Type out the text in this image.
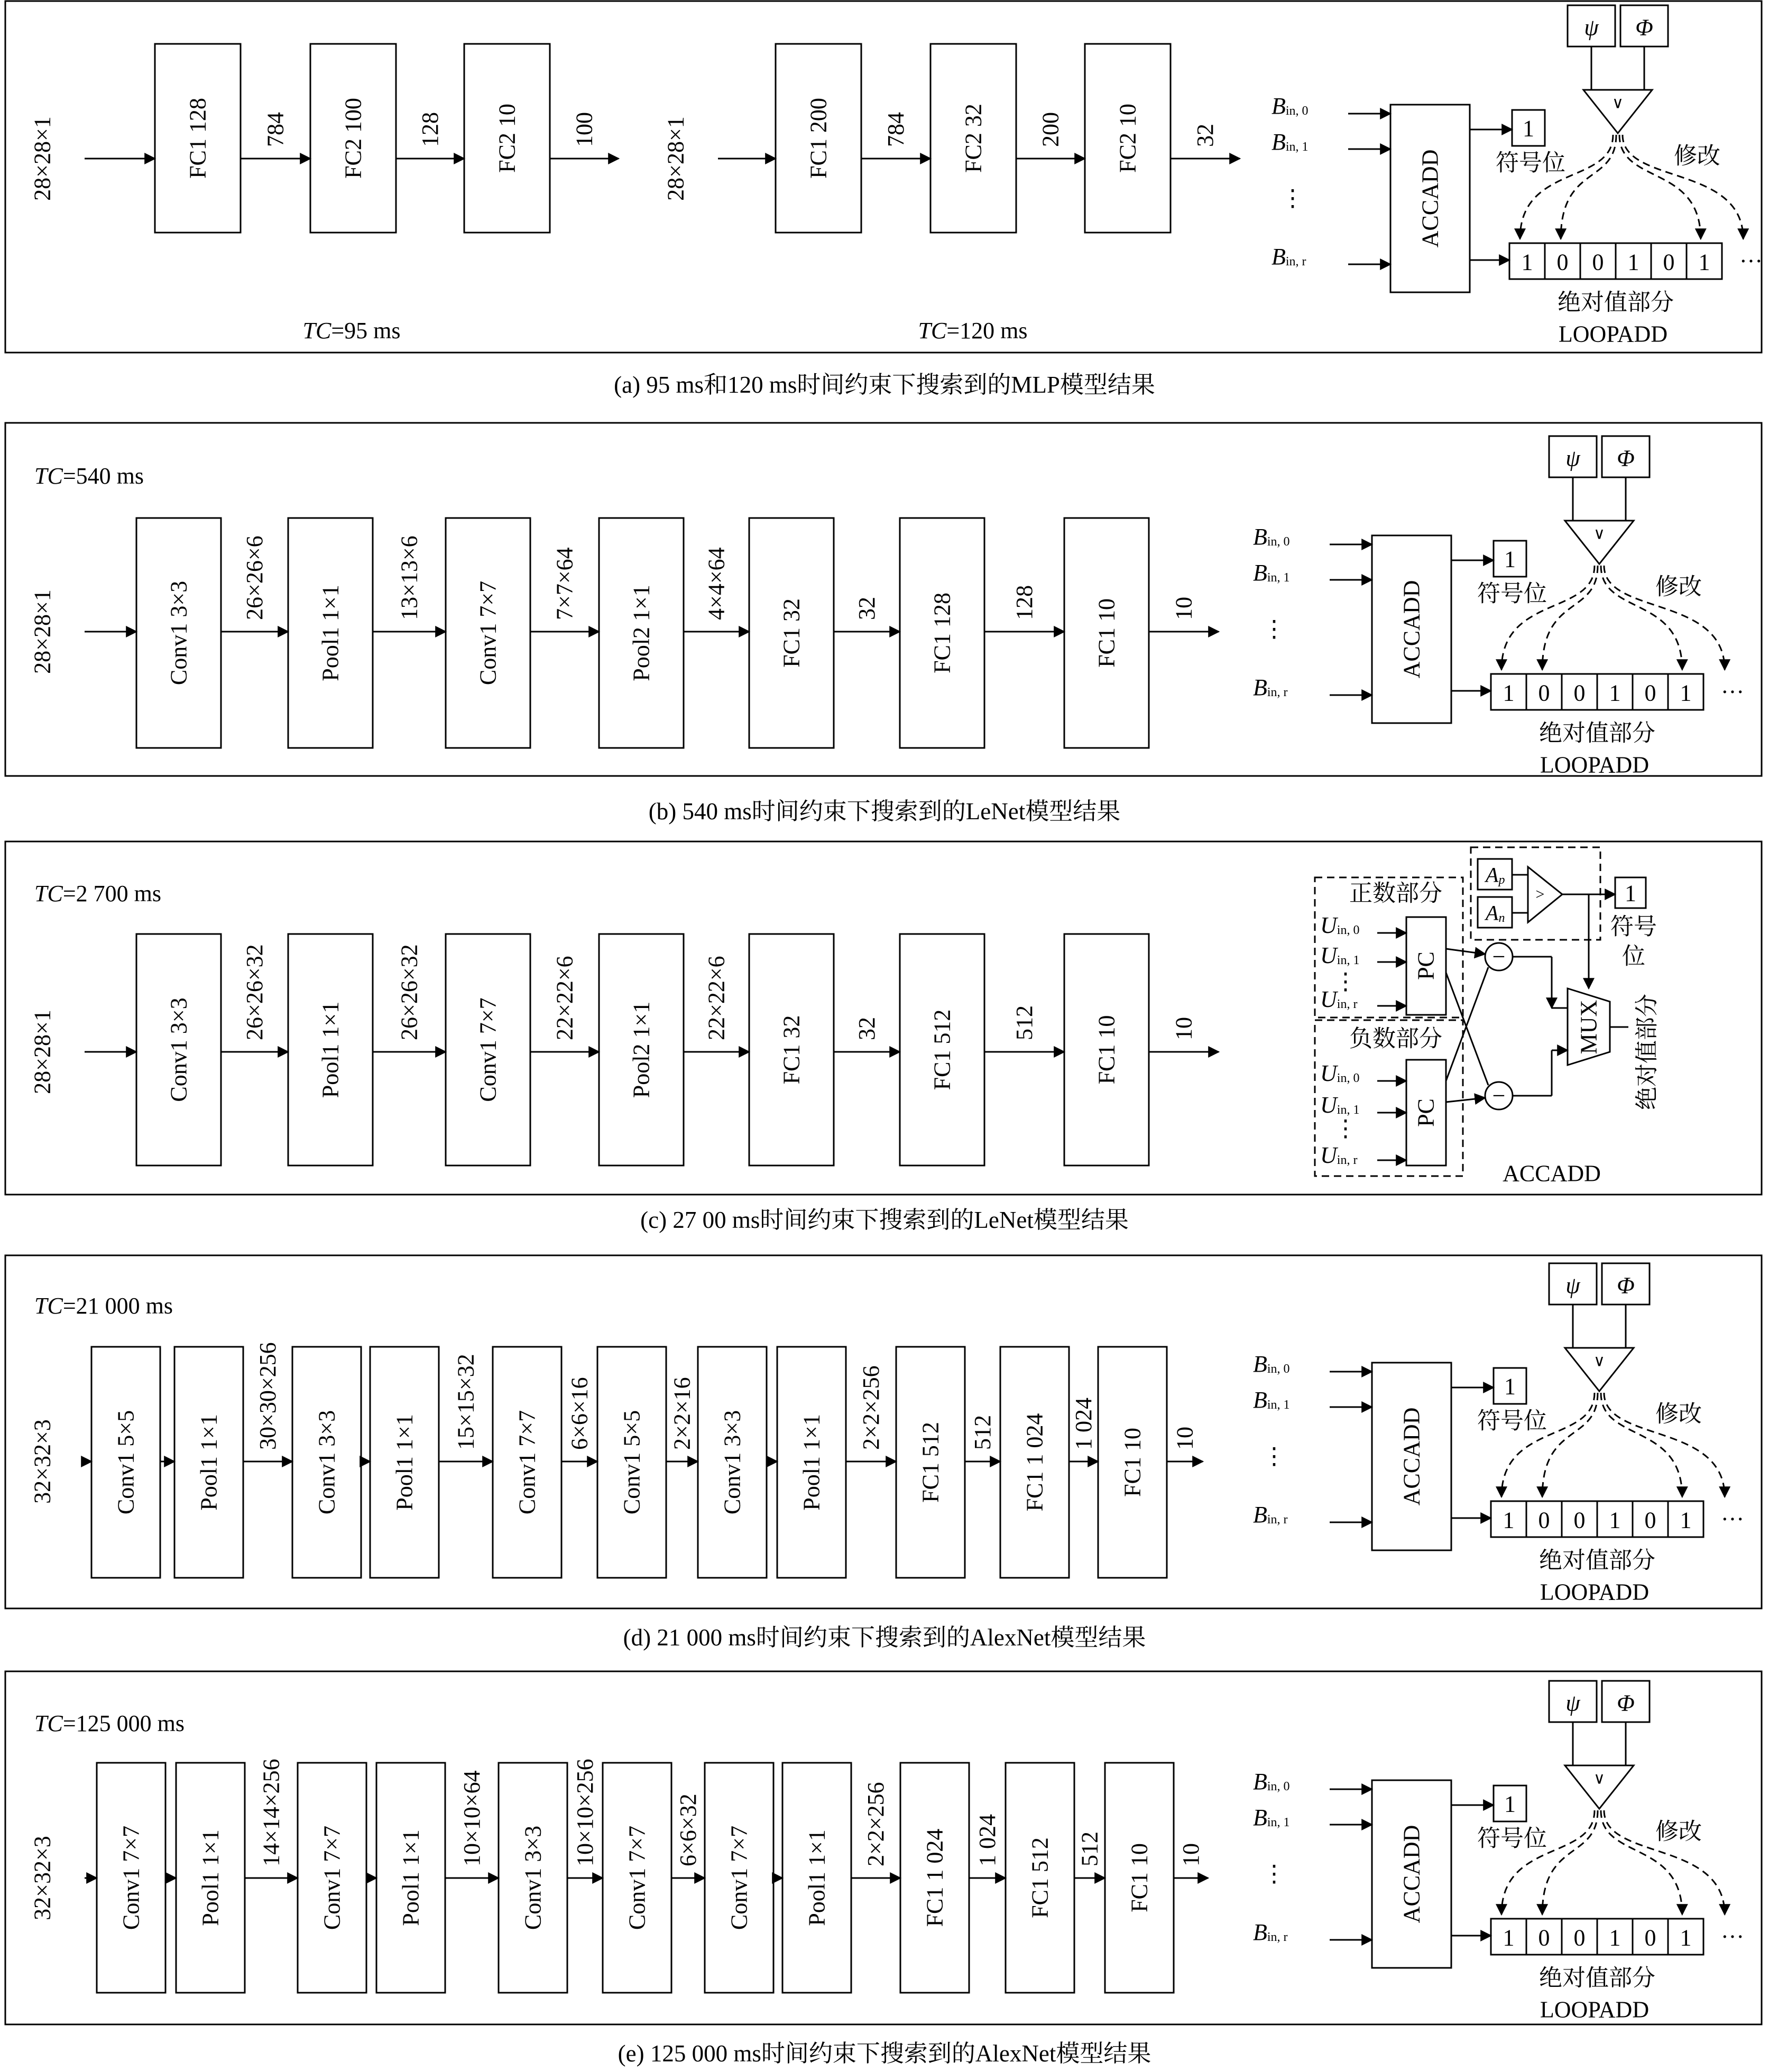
(a) 95 ms和120 ms时间约束下搜索到的MLP模型结果
28×28×1	FC1 128 784 FC2 100 128 FC2 10 100
TC=95 ms
28×28×1	FC1 200 784 FC2 32 200 FC2 10 32
TC=120 ms
ψ Φ
∨
$B_{in, 0}$
$B_{in, 1}$
⋮
$B_{in, r}$
ACCADD
1
符号位	修改
1 0 0 1 0 1 ···
绝对值部分
LOOPADD
(b) 540 ms时间约束下搜索到的LeNet模型结果
28×28×1	Conv1 3×3
26×26×6
Pool1 1×1
13×13×6
Conv1 7×7 7×7×64
Pool2 1×1
4×4×64
FC1 32 32 FC1 128 128 FC1 10 10
TC=540 ms
ψ Φ
∨
$B_{in, 0}$
$B_{in, 1}$
⋮
$B_{in, r}$
ACCADD
1
符号位	修改
1 0 0 1 0 1 ···
绝对值部分
LOOPADD
(c) 27 00 ms时间约束下搜索到的LeNet模型结果
28×28×1	Conv1 3×3
26×26×32
Pool1 1×1
26×26×32
Conv1 7×7 22×22×6
Pool2 1×1
22×22×6
FC1 32 32 FC1 512 512 FC1 10 10
TC=2 700 ms	正数部分
负数部分
$U_{in, 0}$
$U_{in, 1}$
⋮
$U_{in, r}$
PC
$U_{in, 0}$
$U_{in, 1}$
⋮
$U_{in, r}$
PC
−
−
$A_p$
$A_n$
>	1
符号
位
MUX 绝对值部分
ACCADD
(d) 21 000 ms时间约束下搜索到的AlexNet模型结果
32×32×3 Conv1 5×5 Pool1 1×1
30×30×256
Conv1 3×3 Pool1 1×1
15×15×32
Conv1 7×7 6×6×16 Conv1 5×5 2×2×16 Conv1 3×3 Pool1 1×1
2×2×256
FC1 512 512 FC1 1 024 1 024
FC1 10 10
TC=21 000 ms
ψ Φ
∨
$B_{in, 0}$
$B_{in, 1}$
⋮
$B_{in, r}$
ACCADD
1
符号位	修改
1 0 0 1 0 1 ···
绝对值部分
LOOPADD
(e) 125 000 ms时间约束下搜索到的AlexNet模型结果
32×32×3	Conv1 7×7 Pool1 1×1
14×14×256
Conv1 7×7 Pool1 1×1
10×10×64
Conv1 3×3
10×10×256
Conv1 7×7 6×6×32 Conv1 7×7 Pool1 1×1
2×2×256
FC1 1 024 1 024 FC1 512 512 FC1 10 10
TC=125 000 ms
ψ Φ
∨
$B_{in, 0}$
$B_{in, 1}$
⋮
$B_{in, r}$
ACCADD
1
符号位	修改
1 0 0 1 0 1 ···
绝对值部分
LOOPADD
